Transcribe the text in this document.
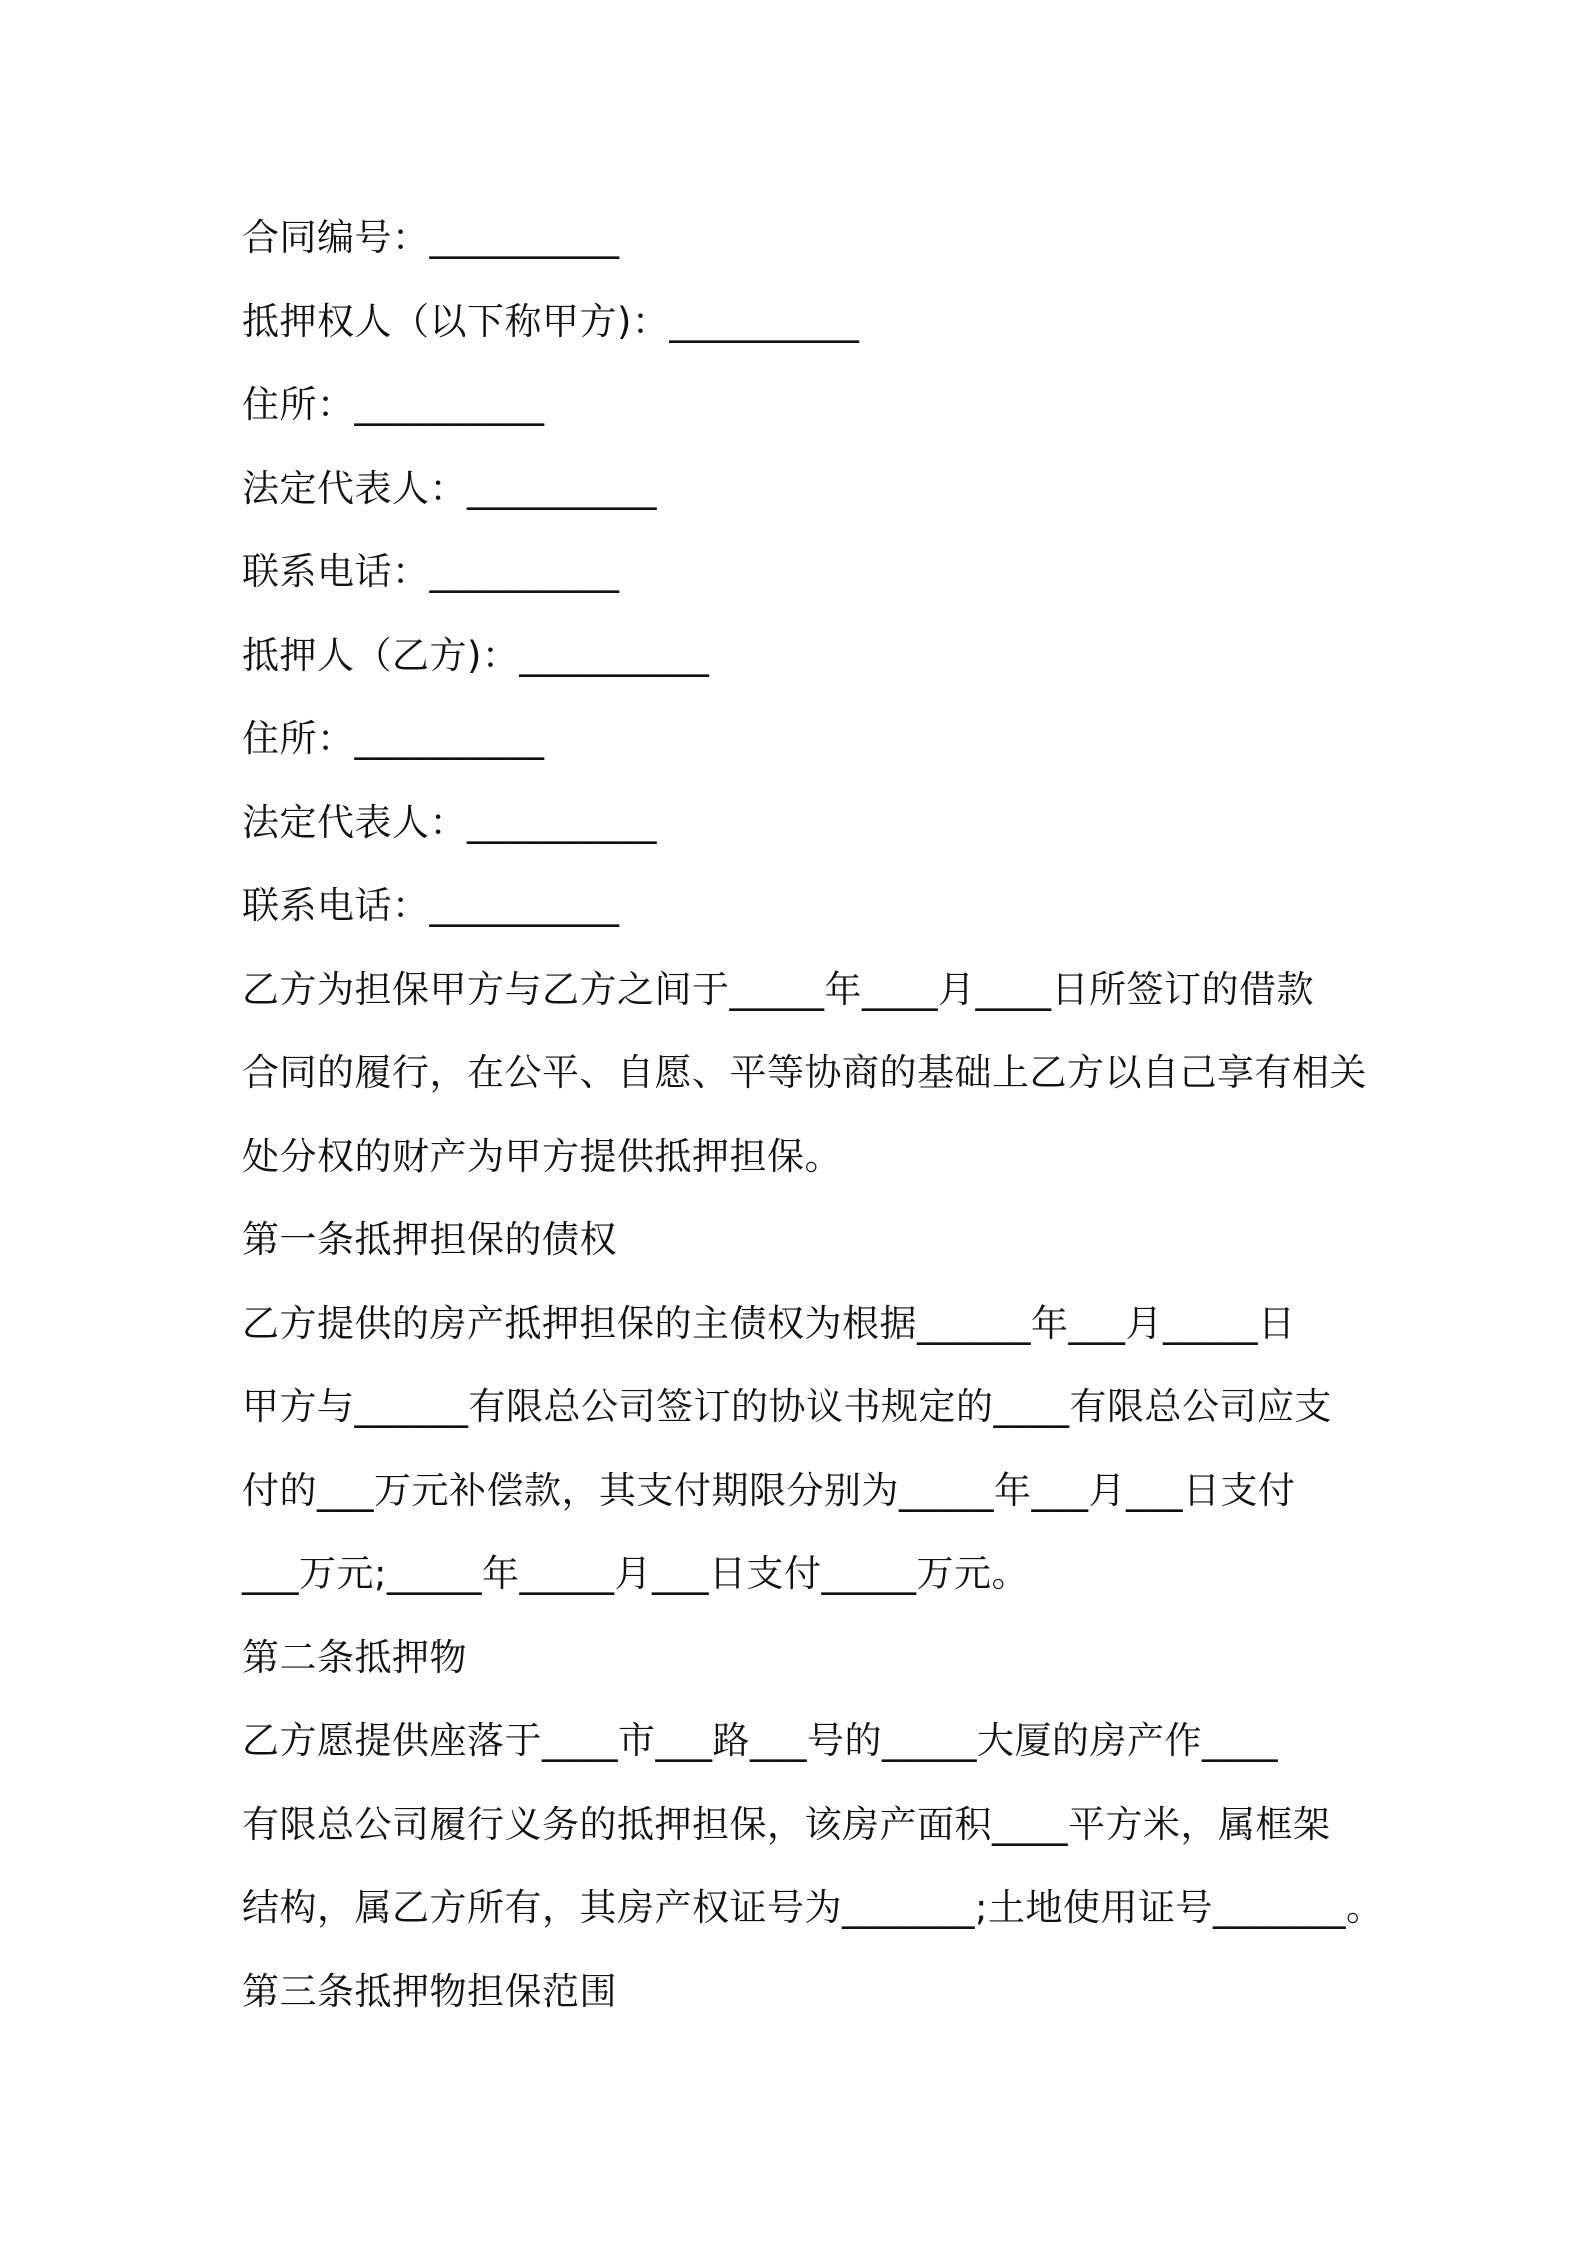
合同编号：__________
抵押权人（以下称甲方)：__________
住所：__________
法定代表人：__________
联系电话：__________
抵押人（乙方)：__________
住所：__________
法定代表人：__________
联系电话：__________
乙方为担保甲方与乙方之间于_____年____月____日所签订的借款
合同的履行，在公平、自愿、平等协商的基础上乙方以自己享有相关
处分权的财产为甲方提供抵押担保。
第一条抵押担保的债权
乙方提供的房产抵押担保的主债权为根据______年___月_____日
甲方与______有限总公司签订的协议书规定的____有限总公司应支
付的___万元补偿款，其支付期限分别为_____年___月___日支付
___万元;_____年_____月___日支付_____万元。
第二条抵押物
乙方愿提供座落于____市___路___号的_____大厦的房产作____
有限总公司履行义务的抵押担保，该房产面积____平方米，属框架
结构，属乙方所有，其房产权证号为_______;土地使用证号_______。
第三条抵押物担保范围
